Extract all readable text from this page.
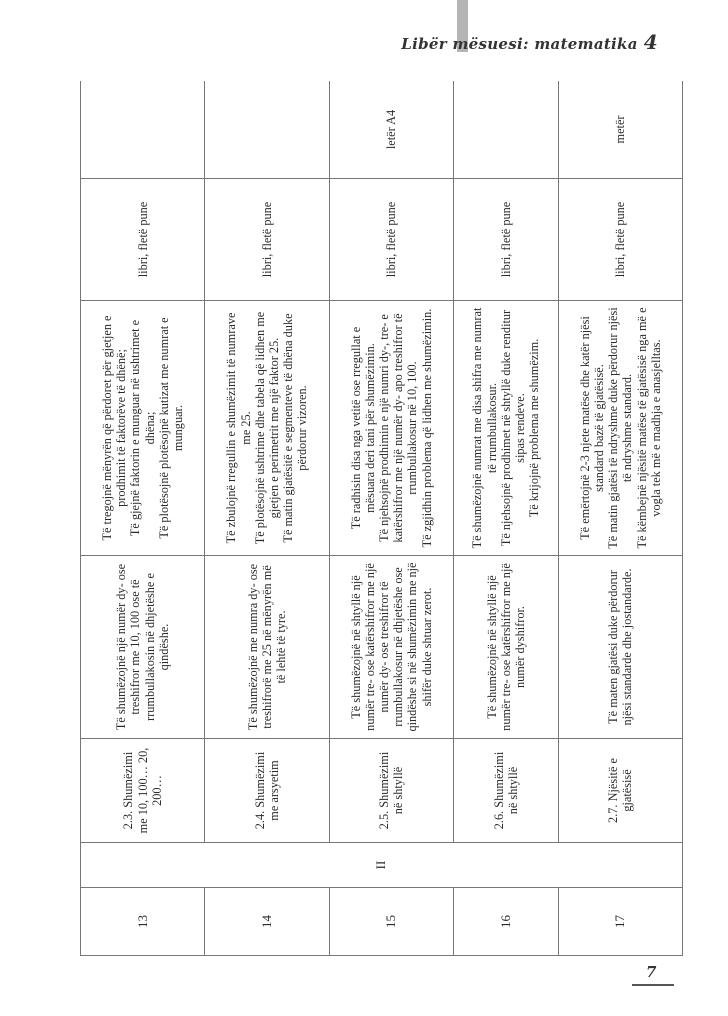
Libër mësuesi: matematika 4
13	II	2.3. Shumëzimi me 10, 100… 20, 200…	Të shumëzojnë një numër dy- ose treshifror me 10, 100 ose të rrumbullakosin në dhjetëshe e qindëshe.	Të tregojnë mënyrën që përdoret për gjetjen e prodhimit të faktorëve të dhënë; Të gjejnë faktorin e munguar në ushtrimet e dhëna; Të plotësojnë plotësojnë kutizat me numrat e munguar.	libri, fletë pune	
14		2.4. Shumëzimi me arsyetim	Të shumëzojnë me numra dy- ose treshifrorë me 25 në mënyrën më të lehtë të tyre.	Të zbulojnë rregullin e shumëzimit të numrave me 25. Të plotësojnë ushtrime dhe tabela që lidhen me gjetjen e perimetrit me një faktor 25. Të matin gjatësitë e segmenteve të dhëna duke përdorur vizoren.	libri, fletë pune	
15		2.5. Shumëzimi në shtyllë	Të shumëzojnë në shtyllë një numër tre- ose katërshifror me një numër dy- ose treshifror të rrumbullakosur në dhjetëshe ose qindëshe si në shumëzimin me një shifër duke shtuar zerot.	Të radhisin disa nga vetitë ose rregullat e mësuara deri tani për shumëzimin. Të njehsojnë prodhimin e një numri dy-, tre- e katërshifror me një numër dy- apo treshifror të rrumbullakosur në 10, 100. Të zgjidhin problema që lidhen me shumëzimin.	libri, fletë pune	letër A4
16		2.6. Shumëzimi në shtyllë	Të shumëzojnë në shtyllë një numër tre- ose katërshifror me një numër dyshifror.	Të shumëzojnë numrat me disa shifra me numrat të rrumbullakosur. Të njehsojnë prodhimet në shtyllë duke renditur sipas rendeve. Të krijojnë problema me shumëzim.	libri, fletë pune	
17		2.7. Njësitë e gjatësisë	Të maten gjatësi duke përdorur njësi standarde dhe jostandarde.	Të emërtojnë 2-3 njete matëse dhe katër njësi standard bazë të gjatësisë. Të matin gjatësi të ndryshme duke përdorur njësi të ndryshme standard. Të këmbejnë njësitë matëse të gjatësisë nga më e vogla tek më e madhja e anasjelltas.	libri, fletë pune	metër
7
